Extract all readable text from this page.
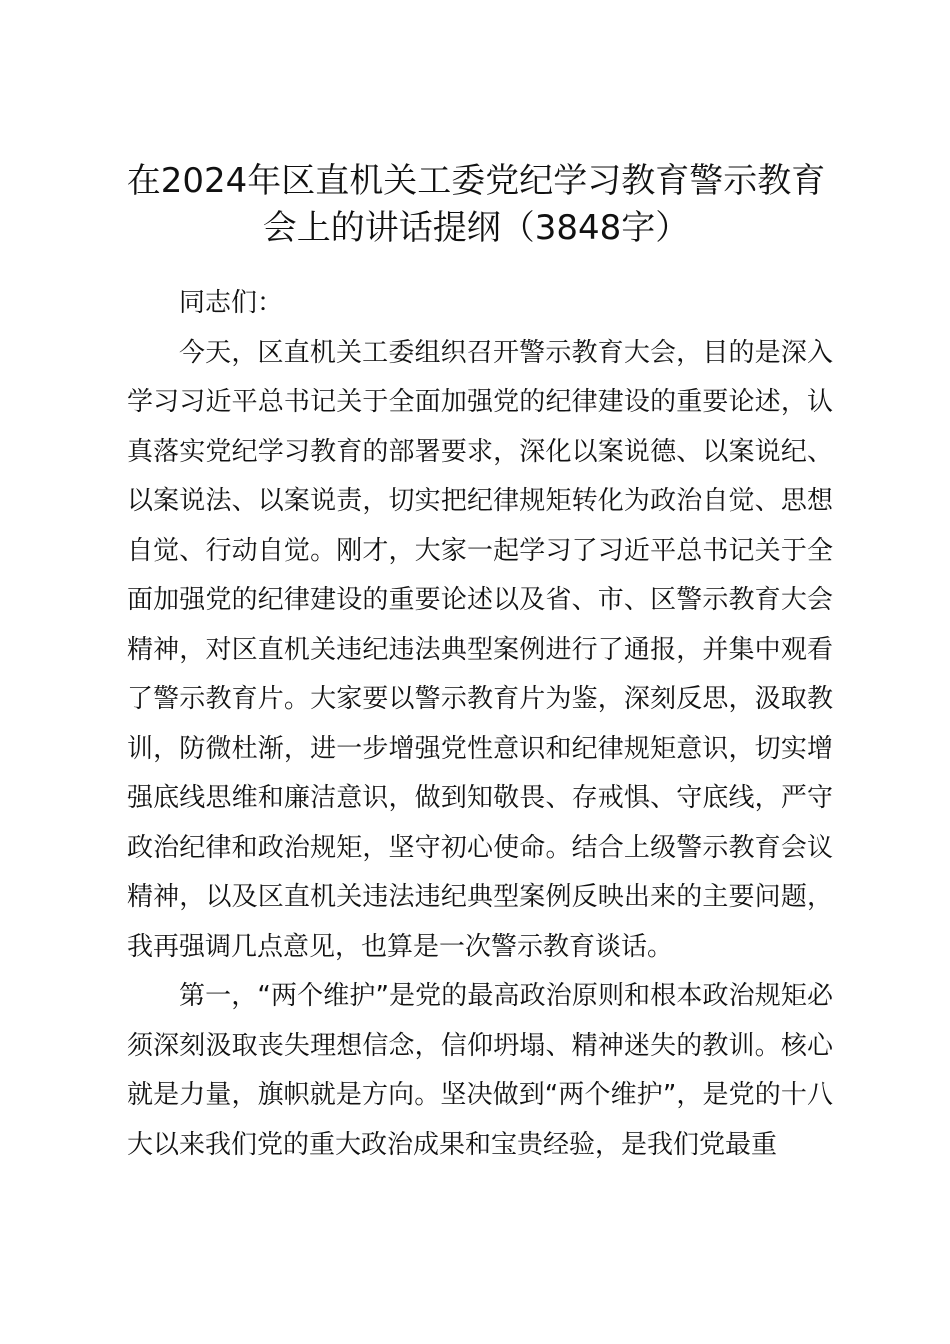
在2024年区直机关工委党纪学习教育警示教育会上的讲话提纲（3848字）

同志们：

今天，区直机关工委组织召开警示教育大会，目的是深入学习习近平总书记关于全面加强党的纪律建设的重要论述，认真落实党纪学习教育的部署要求，深化以案说德、以案说纪、以案说法、以案说责，切实把纪律规矩转化为政治自觉、思想自觉、行动自觉。刚才，大家一起学习了习近平总书记关于全面加强党的纪律建设的重要论述以及省、市、区警示教育大会精神，对区直机关违纪违法典型案例进行了通报，并集中观看了警示教育片。大家要以警示教育片为鉴，深刻反思，汲取教训，防微杜渐，进一步增强党性意识和纪律规矩意识，切实增强底线思维和廉洁意识，做到知敬畏、存戒惧、守底线，严守政治纪律和政治规矩，坚守初心使命。结合上级警示教育会议精神，以及区直机关违法违纪典型案例反映出来的主要问题，我再强调几点意见，也算是一次警示教育谈话。

第一，“两个维护”是党的最高政治原则和根本政治规矩必须深刻汲取丧失理想信念，信仰坍塌、精神迷失的教训。核心就是力量，旗帜就是方向。坚决做到“两个维护”，是党的十八大以来我们党的重大政治成果和宝贵经验，是我们党最重
